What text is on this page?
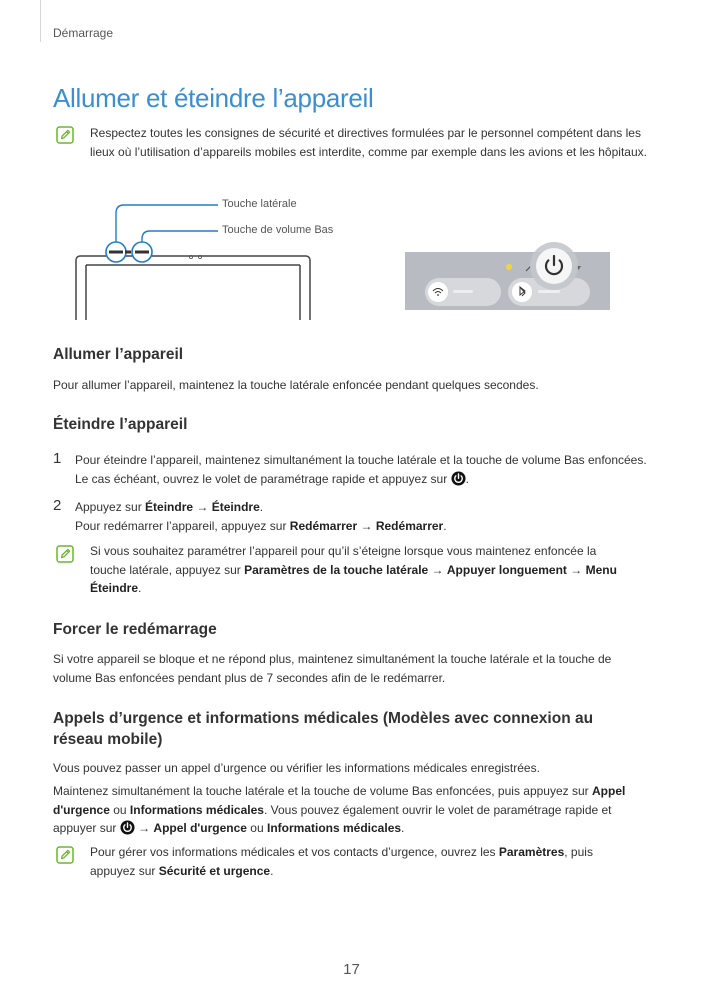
Démarrage
Allumer et éteindre l’appareil

Respectez toutes les consignes de sécurité et directives formulées par le personnel compétent dans les lieux où l’utilisation d’appareils mobiles est interdite, comme par exemple dans les avions et les hôpitaux.

Touche latérale
Touche de volume Bas
Allumer l’appareil

Pour allumer l’appareil, maintenez la touche latérale enfoncée pendant quelques secondes.

Éteindre l’appareil
1 Pour éteindre l’appareil, maintenez simultanément la touche latérale et la touche de volume Bas enfoncées. Le cas échéant, ouvrez le volet de paramétrage rapide et appuyez sur .

2 Appuyez sur Éteindre → Éteindre.
Pour redémarrer l’appareil, appuyez sur Redémarrer → Redémarrer.

Si vous souhaitez paramétrer l’appareil pour qu’il s’éteigne lorsque vous maintenez enfoncée la touche latérale, appuyez sur Paramètres de la touche latérale → Appuyer longuement → Menu Éteindre.

Forcer le redémarrage

Si votre appareil se bloque et ne répond plus, maintenez simultanément la touche latérale et la touche de volume Bas enfoncées pendant plus de 7 secondes afin de le redémarrer.

Appels d’urgence et informations médicales (Modèles avec connexion au réseau mobile)

Vous pouvez passer un appel d’urgence ou vérifier les informations médicales enregistrées.

Maintenez simultanément la touche latérale et la touche de volume Bas enfoncées, puis appuyez sur Appel d'urgence ou Informations médicales. Vous pouvez également ouvrir le volet de paramétrage rapide et appuyer sur → Appel d'urgence ou Informations médicales.

Pour gérer vos informations médicales et vos contacts d’urgence, ouvrez les Paramètres, puis appuyez sur Sécurité et urgence.

17
